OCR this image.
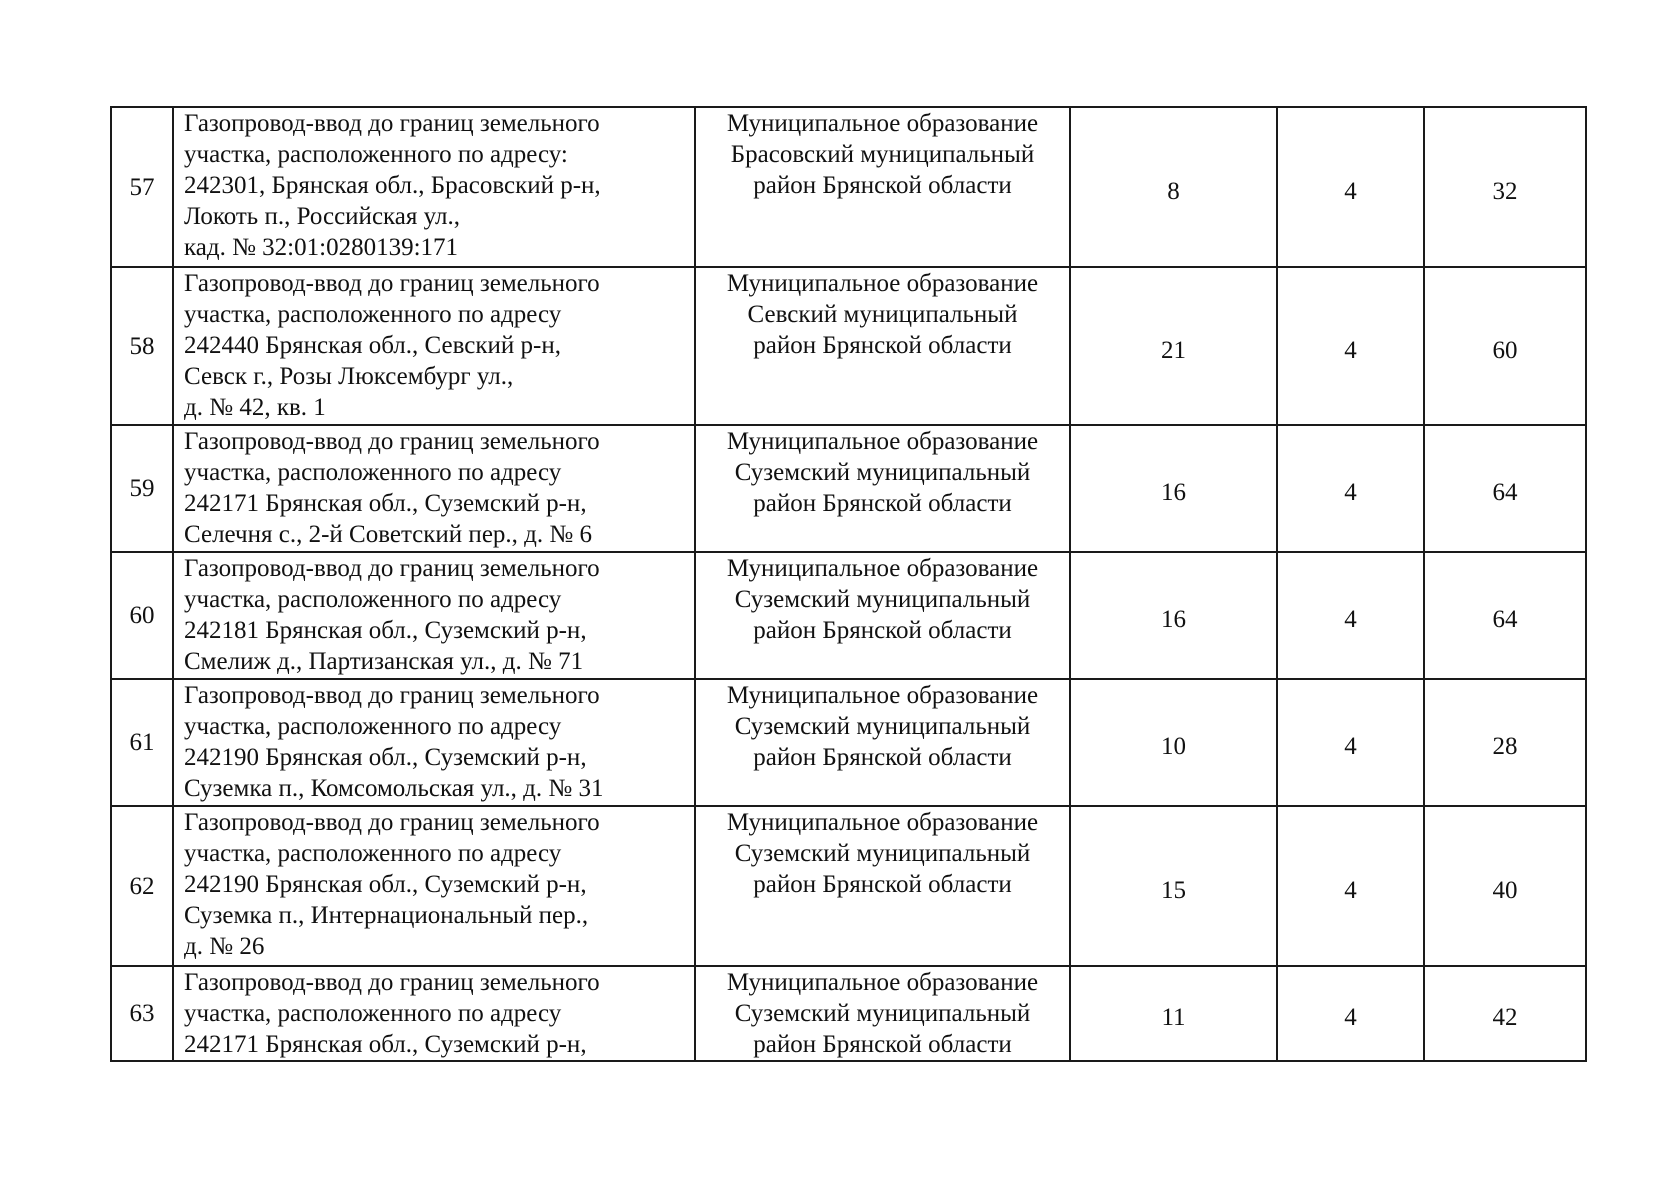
57	Газопровод-ввод до границ земельного
участка, расположенного по адресу:
242301, Брянская обл., Брасовский р-н,
Локоть п., Российская ул.,
кад. № 32:01:0280139:171	Муниципальное образование
Брасовский муниципальный
район Брянской области	8	4	32

58	Газопровод-ввод до границ земельного
участка, расположенного по адресу
242440 Брянская обл., Севский р-н,
Севск г., Розы Люксембург ул.,
д. № 42, кв. 1	Муниципальное образование
Севский муниципальный
район Брянской области	21	4	60

59	Газопровод-ввод до границ земельного
участка, расположенного по адресу
242171 Брянская обл., Суземский р-н,
Селечня с., 2-й Советский пер., д. № 6	Муниципальное образование
Суземский муниципальный
район Брянской области	16	4	64

60	Газопровод-ввод до границ земельного
участка, расположенного по адресу
242181 Брянская обл., Суземский р-н,
Смелиж д., Партизанская ул., д. № 71	Муниципальное образование
Суземский муниципальный
район Брянской области	16	4	64

61	Газопровод-ввод до границ земельного
участка, расположенного по адресу
242190 Брянская обл., Суземский р-н,
Суземка п., Комсомольская ул., д. № 31	Муниципальное образование
Суземский муниципальный
район Брянской области	10	4	28

62	Газопровод-ввод до границ земельного
участка, расположенного по адресу
242190 Брянская обл., Суземский р-н,
Суземка п., Интернациональный пер.,
д. № 26	Муниципальное образование
Суземский муниципальный
район Брянской области	15	4	40

63	Газопровод-ввод до границ земельного
участка, расположенного по адресу
242171 Брянская обл., Суземский р-н,	Муниципальное образование
Суземский муниципальный
район Брянской области	11	4	42
